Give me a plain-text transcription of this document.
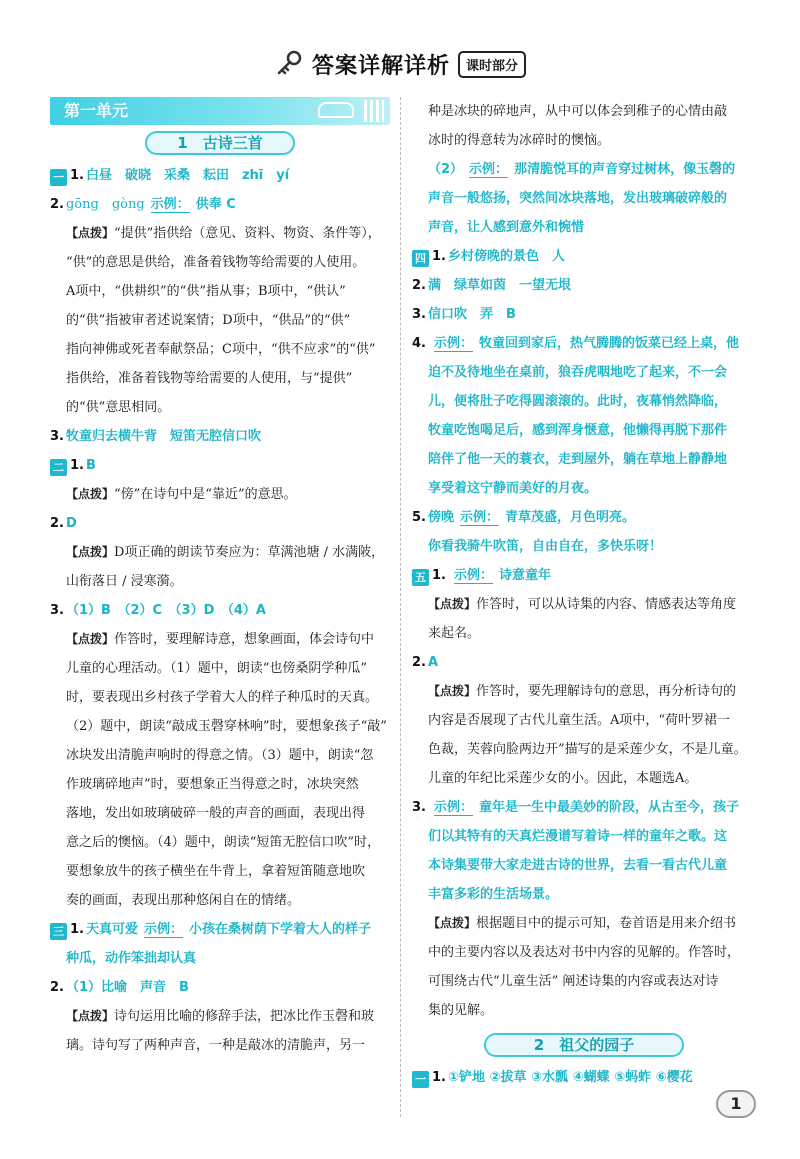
答案详解详析	课时部分
第一单元
1　古诗三首
一 1. 白昼　破晓　采桑　耘田　zhī　yí
2. gōng　gòng 示例： 供奉 C
【点拨】“提供”指供给（意见、资料、物资、条件等），
“供”的意思是供给，准备着钱物等给需要的人使用。
A项中，“供耕织”的“供”指从事；B项中，“供认”
的“供”指被审者述说案情；D项中，“供品”的“供”
指向神佛或死者奉献祭品；C项中，“供不应求”的“供”
指供给，准备着钱物等给需要的人使用，与“提供”
的“供”意思相同。
3. 牧童归去横牛背　短笛无腔信口吹
二 1. B
【点拨】“傍”在诗句中是“靠近”的意思。
2. D
【点拨】D项正确的朗读节奏应为：草满池塘 / 水满陂，
山衔落日 / 浸寒漪。
3. （1）B　（2）C　（3）D　（4）A
【点拨】作答时，要理解诗意，想象画面，体会诗句中
儿童的心理活动。（1）题中，朗读“也傍桑阴学种瓜”
时，要表现出乡村孩子学着大人的样子种瓜时的天真。
（2）题中，朗读“敲成玉磬穿林响”时，要想象孩子“敲”
冰块发出清脆声响时的得意之情。（3）题中，朗读“忽
作玻璃碎地声”时，要想象正当得意之时，冰块突然
落地，发出如玻璃破碎一般的声音的画面，表现出得
意之后的懊恼。（4）题中，朗读“短笛无腔信口吹”时，
要想象放牛的孩子横坐在牛背上，拿着短笛随意地吹
奏的画面，表现出那种悠闲自在的情绪。
三 1. 天真可爱 示例： 小孩在桑树荫下学着大人的样子
种瓜，动作笨拙却认真
2. （1）比喻　声音　B
【点拨】诗句运用比喻的修辞手法，把冰比作玉磬和玻
璃。诗句写了两种声音，一种是敲冰的清脆声，另一
种是冰块的碎地声，从中可以体会到稚子的心情由敲
冰时的得意转为冰碎时的懊恼。
（2） 示例： 那清脆悦耳的声音穿过树林，像玉磬的
声音一般悠扬，突然间冰块落地，发出玻璃破碎般的
声音，让人感到意外和惋惜
四 1. 乡村傍晚的景色　人
2. 满　绿草如茵　一望无垠
3. 信口吹　弄　B
4. 示例： 牧童回到家后，热气腾腾的饭菜已经上桌，他
迫不及待地坐在桌前，狼吞虎咽地吃了起来，不一会
儿，便将肚子吃得圆滚滚的。此时，夜幕悄然降临，
牧童吃饱喝足后，感到浑身惬意，他懒得再脱下那件
陪伴了他一天的蓑衣，走到屋外，躺在草地上静静地
享受着这宁静而美好的月夜。
5. 傍晚 示例： 青草茂盛，月色明亮。
你看我骑牛吹笛，自由自在，多快乐呀！
五 1. 示例： 诗意童年
【点拨】作答时，可以从诗集的内容、情感表达等角度
来起名。
2. A
【点拨】作答时，要先理解诗句的意思，再分析诗句的
内容是否展现了古代儿童生活。A项中，“荷叶罗裙一
色裁，芙蓉向脸两边开”描写的是采莲少女，不是儿童。
儿童的年纪比采莲少女的小。因此，本题选A。
3. 示例： 童年是一生中最美妙的阶段，从古至今，孩子
们以其特有的天真烂漫谱写着诗一样的童年之歌。这
本诗集要带大家走进古诗的世界，去看一看古代儿童
丰富多彩的生活场景。
【点拨】根据题目中的提示可知，卷首语是用来介绍书
中的主要内容以及表达对书中内容的见解的。作答时，
可围绕古代“儿童生活” 阐述诗集的内容或表达对诗
集的见解。
2　祖父的园子
一 1. ①铲地 ②拔草 ③水瓢 ④蝴蝶 ⑤蚂蚱 ⑥樱花
1
